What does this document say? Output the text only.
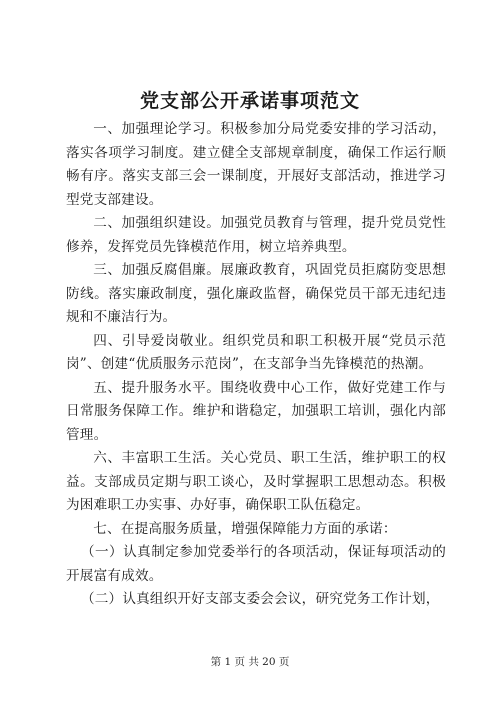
党支部公开承诺事项范文

一、加强理论学习。积极参加分局党委安排的学习活动，落实各项学习制度。建立健全支部规章制度，确保工作运行顺畅有序。落实支部三会一课制度，开展好支部活动，推进学习型党支部建设。

二、加强组织建设。加强党员教育与管理，提升党员党性修养，发挥党员先锋模范作用，树立培养典型。

三、加强反腐倡廉。展廉政教育，巩固党员拒腐防变思想防线。落实廉政制度，强化廉政监督，确保党员干部无违纪违规和不廉洁行为。

四、引导爱岗敬业。组织党员和职工积极开展“党员示范岗”、创建“优质服务示范岗”，在支部争当先锋模范的热潮。

五、提升服务水平。围绕收费中心工作，做好党建工作与日常服务保障工作。维护和谐稳定，加强职工培训，强化内部管理。

六、丰富职工生活。关心党员、职工生活，维护职工的权益。支部成员定期与职工谈心，及时掌握职工思想动态。积极为困难职工办实事、办好事，确保职工队伍稳定。

七、在提高服务质量，增强保障能力方面的承诺：

（一）认真制定参加党委举行的各项活动，保证每项活动的开展富有成效。

（二）认真组织开好支部支委会会议，研究党务工作计划，

第 1 页 共 20 页
